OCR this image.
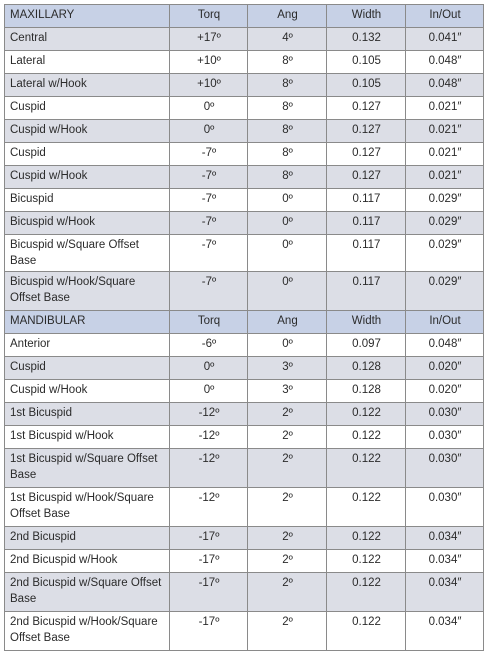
MAXILLARY	Torq	Ang	Width	In/Out
Central	+17º	4º	0.132	0.041″
Lateral	+10º	8º	0.105	0.048″
Lateral w/Hook	+10º	8º	0.105	0.048″
Cuspid	0º	8º	0.127	0.021″
Cuspid w/Hook	0º	8º	0.127	0.021″
Cuspid	-7º	8º	0.127	0.021″
Cuspid w/Hook	-7º	8º	0.127	0.021″
Bicuspid	-7º	0º	0.117	0.029″
Bicuspid w/Hook	-7º	0º	0.117	0.029″
Bicuspid w/Square Offset Base	-7º	0º	0.117	0.029″
Bicuspid w/Hook/Square Offset Base	-7º	0º	0.117	0.029″
MANDIBULAR	Torq	Ang	Width	In/Out
Anterior	-6º	0º	0.097	0.048″
Cuspid	0º	3º	0.128	0.020″
Cuspid w/Hook	0º	3º	0.128	0.020″
1st Bicuspid	-12º	2º	0.122	0.030″
1st Bicuspid w/Hook	-12º	2º	0.122	0.030″
1st Bicuspid w/Square Offset Base	-12º	2º	0.122	0.030″
1st Bicuspid w/Hook/Square Offset Base	-12º	2º	0.122	0.030″
2nd Bicuspid	-17º	2º	0.122	0.034″
2nd Bicuspid w/Hook	-17º	2º	0.122	0.034″
2nd Bicuspid w/Square Offset Base	-17º	2º	0.122	0.034″
2nd Bicuspid w/Hook/Square Offset Base	-17º	2º	0.122	0.034″
